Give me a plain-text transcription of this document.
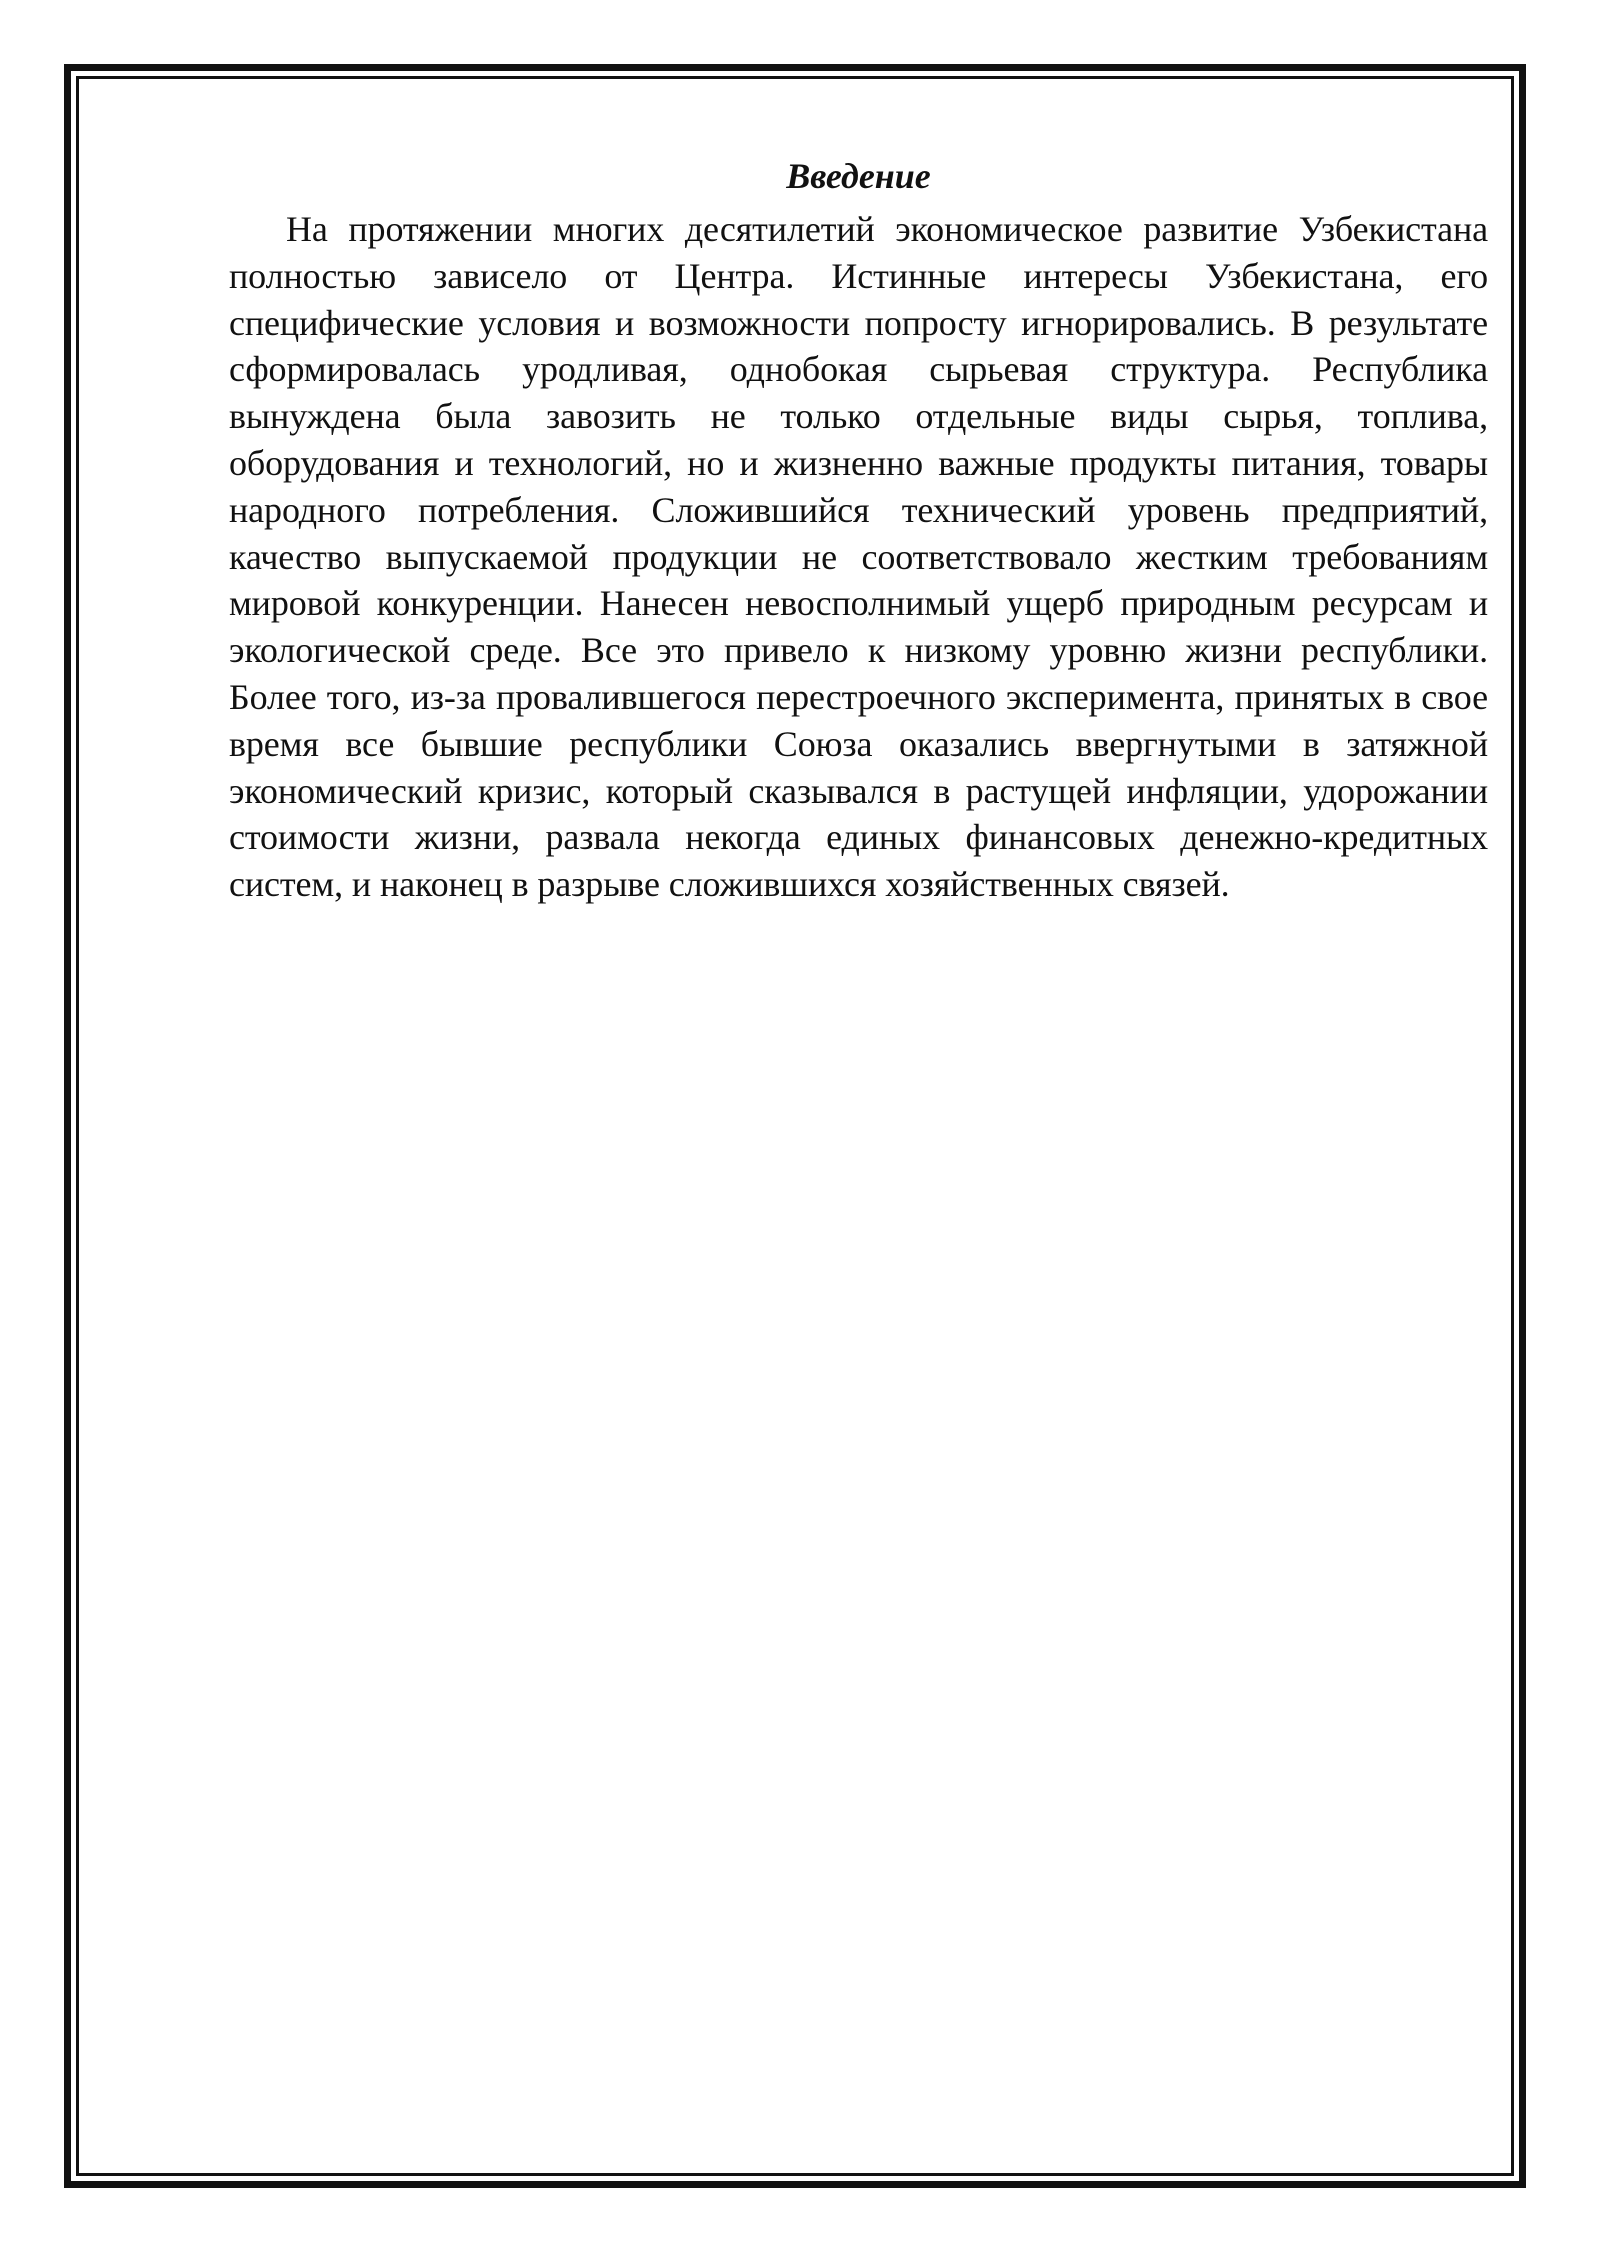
Введение

На протяжении многих десятилетий экономическое развитие Узбекистана полностью зависело от Центра. Истинные интересы Узбекистана, его специфические условия и возможности попросту игнорировались. В результате сформировалась уродливая, однобокая сырьевая структура. Республика вынуждена была завозить не только отдельные виды сырья, топлива, оборудования и технологий, но и жизненно важные продукты питания, товары народного потребления. Сложившийся технический уровень предприятий, качество выпускаемой продукции не соответствовало жестким требованиям мировой конкуренции. Нанесен невосполнимый ущерб природным ресурсам и экологической среде. Все это привело к низкому уровню жизни республики. Более того, из-за провалившегося перестроечного эксперимента, принятых в свое время все бывшие республики Союза оказались ввергнутыми в затяжной экономический кризис, который сказывался в растущей инфляции, удорожании стоимости жизни, развала некогда единых финансовых денежно-кредитных систем, и наконец в разрыве сложившихся хозяйственных связей.
